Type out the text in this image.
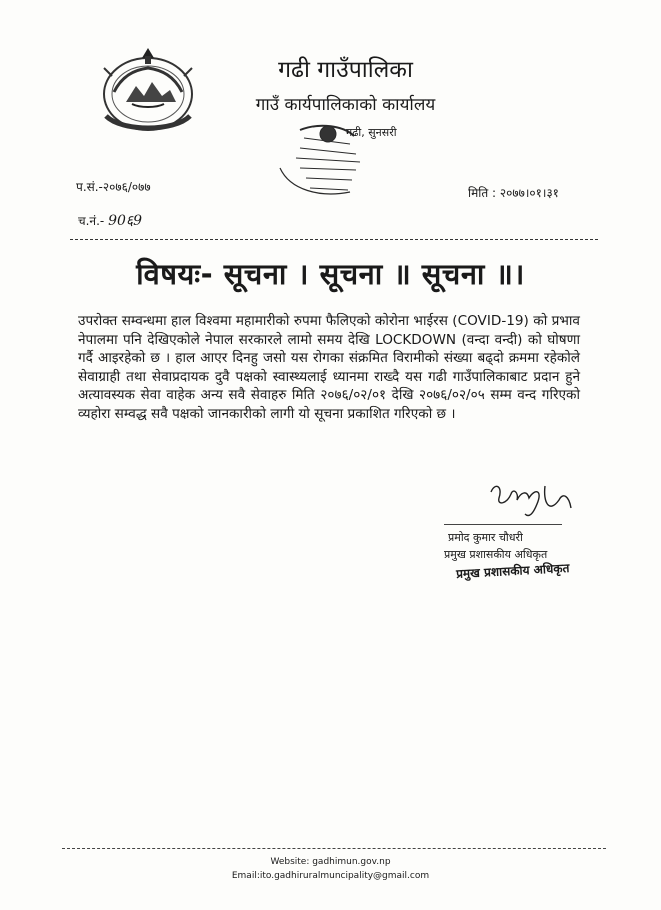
गढी गाउँपालिका
गाउँ कार्यपालिकाको कार्यालय
गढी, सुनसरी
प.सं.-२०७६/०७७	मिति : २०७७।०१।३१
च.नं.- 90६9
विषयः- सूचना । सूचना ॥ सूचना ॥।
उपरोक्त सम्वन्धमा हाल विश्वमा महामारीको रुपमा फैलिएको कोरोना भाईरस (COVID-19) को प्रभाव नेपालमा पनि देखिएकोले नेपाल सरकारले लामो समय देखि LOCKDOWN (वन्दा वन्दी) को घोषणा गर्दै आइरहेको छ । हाल आएर दिनहु जसो यस रोगका संक्रमित विरामीको संख्या बढ्दो क्रममा रहेकोले सेवाग्राही तथा सेवाप्रदायक दुवै पक्षको स्वास्थ्यलाई ध्यानमा राख्दै यस गढी गाउँपालिकाबाट प्रदान हुने अत्यावस्यक सेवा वाहेक अन्य सवै सेवाहरु मिति २०७६/०२/०१ देखि २०७६/०२/०५ सम्म वन्द गरिएको व्यहोरा सम्वद्ध सवै पक्षको जानकारीको लागी यो सूचना प्रकाशित गरिएको छ ।
प्रमोद कुमार चौधरी
प्रमुख प्रशासकीय अधिकृत
प्रमुख प्रशासकीय अधिकृत
Website: gadhimun.gov.np
Email:ito.gadhiruralmuncipality@gmail.com
